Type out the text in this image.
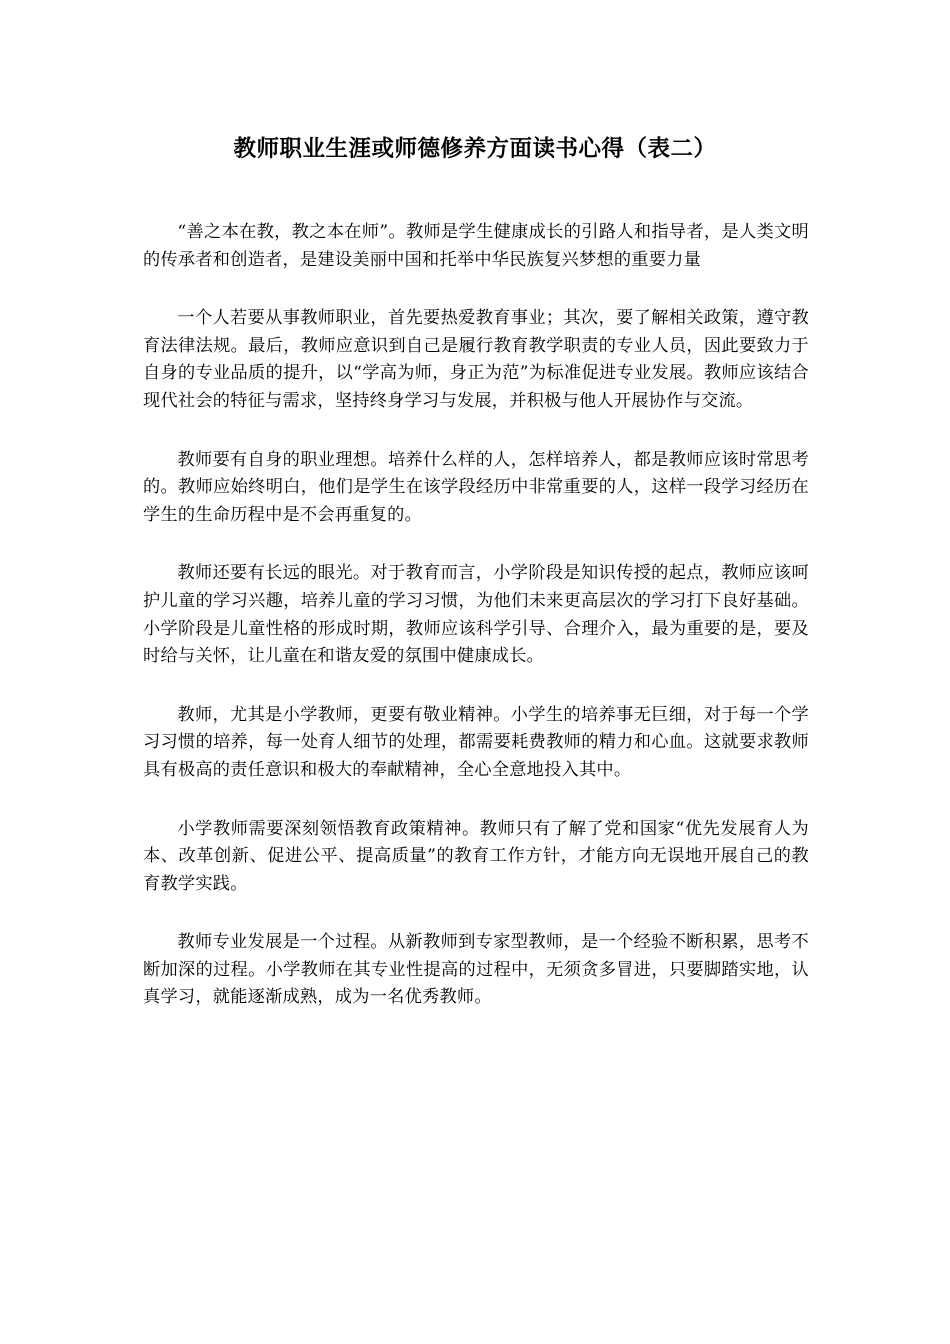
教师职业生涯或师德修养方面读书心得（表二）

“善之本在教，教之本在师”。教师是学生健康成长的引路人和指导者，是人类文明的传承者和创造者，是建设美丽中国和托举中华民族复兴梦想的重要力量

一个人若要从事教师职业，首先要热爱教育事业；其次，要了解相关政策，遵守教育法律法规。最后，教师应意识到自己是履行教育教学职责的专业人员，因此要致力于自身的专业品质的提升，以“学高为师，身正为范”为标准促进专业发展。教师应该结合现代社会的特征与需求，坚持终身学习与发展，并积极与他人开展协作与交流。

教师要有自身的职业理想。培养什么样的人，怎样培养人，都是教师应该时常思考的。教师应始终明白，他们是学生在该学段经历中非常重要的人，这样一段学习经历在学生的生命历程中是不会再重复的。

教师还要有长远的眼光。对于教育而言，小学阶段是知识传授的起点，教师应该呵护儿童的学习兴趣，培养儿童的学习习惯，为他们未来更高层次的学习打下良好基础。小学阶段是儿童性格的形成时期，教师应该科学引导、合理介入，最为重要的是，要及时给与关怀，让儿童在和谐友爱的氛围中健康成长。

教师，尤其是小学教师，更要有敬业精神。小学生的培养事无巨细，对于每一个学习习惯的培养，每一处育人细节的处理，都需要耗费教师的精力和心血。这就要求教师具有极高的责任意识和极大的奉献精神，全心全意地投入其中。

小学教师需要深刻领悟教育政策精神。教师只有了解了党和国家“优先发展育人为本、改革创新、促进公平、提高质量”的教育工作方针，才能方向无误地开展自己的教育教学实践。

教师专业发展是一个过程。从新教师到专家型教师，是一个经验不断积累，思考不断加深的过程。小学教师在其专业性提高的过程中，无须贪多冒进，只要脚踏实地，认真学习，就能逐渐成熟，成为一名优秀教师。
